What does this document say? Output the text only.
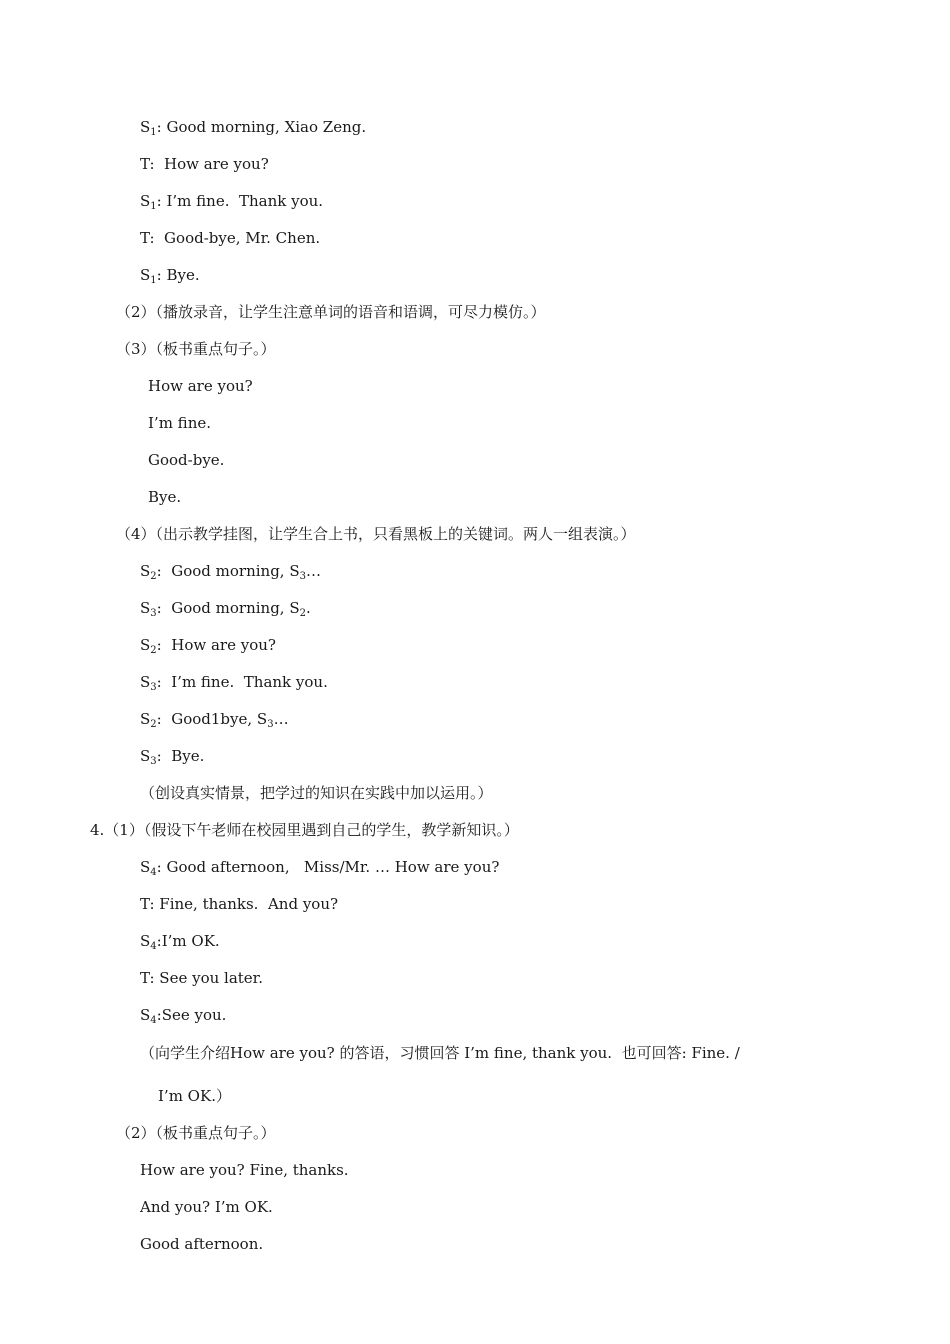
$S_1$: Good morning, Xiao Zeng.

T:  How are you?

$S_1$: I’m fine.  Thank you.

T:  Good-bye, Mr. Chen.

$S_1$: Bye.

（2）（播放录音，让学生注意单词的语音和语调，可尽力模仿。）

（3）（板书重点句子。）

How are you?

I’m fine.

Good-bye.

Bye.

（4）（出示教学挂图，让学生合上书，只看黑板上的关键词。两人一组表演。）

$S_2$:  Good morning, $S_3\dots$

$S_3$:  Good morning, $S_2$.

$S_2$:  How are you?

$S_3$:  I’m fine.  Thank you.

$S_2$:  Good1bye, $S_3\dots$

$S_3$:  Bye.

（创设真实情景，把学过的知识在实践中加以运用。）

4.（1）（假设下午老师在校园里遇到自己的学生，教学新知识。）

$S_4$: Good afternoon,   Miss/Mr. … How are you?

T: Fine, thanks.  And you?

$S_4:I’m$ OK.

T: See you later.

$S_4:See$ you.

（向学生介绍How are you? 的答语，习惯回答 I’m fine, thank you.  也可回答: Fine. /

I’m OK.）

（2）（板书重点句子。）

How are you? Fine, thanks.

And you? I’m OK.

Good afternoon.
